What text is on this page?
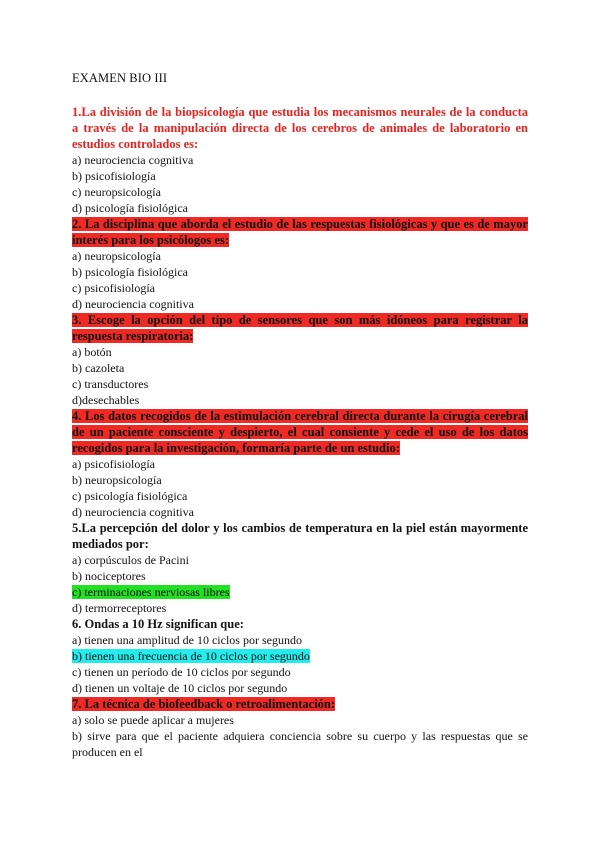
EXAMEN BIO III

1.La división de la biopsicología que estudia los mecanismos neurales de la conducta a través de la manipulación directa de los cerebros de animales de laboratorio en estudios controlados es:

a) neurociencia cognitiva

b) psicofisiología

c) neuropsicología

d) psicología fisiológica

2. La disciplina que aborda el estudio de las respuestas fisiológicas y que es de mayor interés para los psicólogos es:

a) neuropsicología

b) psicología fisiológica

c) psicofisiología

d) neurociencia cognitiva

3. Escoge la opción del tipo de sensores que son más idóneos para registrar la respuesta respiratoria:

a) botón

b) cazoleta

c) transductores

d)desechables

4. Los datos recogidos de la estimulación cerebral directa durante la cirugía cerebral de un paciente consciente y despierto, el cual consiente y cede el uso de los datos recogidos para la investigación, formaría parte de un estudio:

a) psicofisiología

b) neuropsicología

c) psicología fisiológica

d) neurociencia cognitiva

5.La percepción del dolor y los cambios de temperatura en la piel están mayormente mediados por:

a) corpúsculos de Pacini

b) nociceptores

c) terminaciones nerviosas libres

d) termorreceptores

6. Ondas a 10 Hz significan que:

a) tienen una amplitud de 10 ciclos por segundo

b) tienen una frecuencia de 10 ciclos por segundo

c) tienen un período de 10 ciclos por segundo

d) tienen un voltaje de 10 ciclos por segundo

7. La técnica de biofeedback o retroalimentación:

a) solo se puede aplicar a mujeres

b) sirve para que el paciente adquiera conciencia sobre su cuerpo y las respuestas que se producen en el
